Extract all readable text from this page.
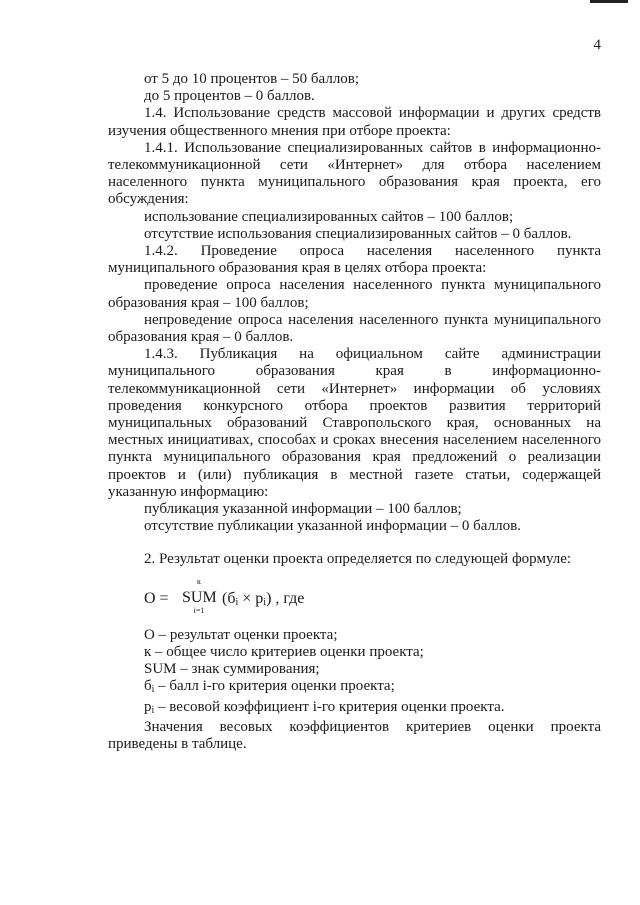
4

от 5 до 10 процентов – 50 баллов;

до 5 процентов – 0 баллов.

1.4. Использование средств массовой информации и других средств изучения общественного мнения при отборе проекта:

1.4.1. Использование специализированных сайтов в информационно-телекоммуникационной сети «Интернет» для отбора населением населенного пункта муниципального образования края проекта, его обсуждения:

использование специализированных сайтов – 100 баллов;

отсутствие использования специализированных сайтов – 0 баллов.

1.4.2. Проведение опроса населения населенного пункта муниципального образования края в целях отбора проекта:

проведение опроса населения населенного пункта муниципального образования края – 100 баллов;

непроведение опроса населения населенного пункта муниципального образования края – 0 баллов.

1.4.3. Публикация на официальном сайте администрации муниципального образования края в информационно-телекоммуникационной сети «Интернет» информации об условиях проведения конкурсного отбора проектов развития территорий муниципальных образований Ставропольского края, основанных на местных инициативах, способах и сроках внесения населением населенного пункта муниципального образования края предложений о реализации проектов и (или) публикация в местной газете статьи, содержащей указанную информацию:

публикация указанной информации – 100 баллов;

отсутствие публикации указанной информации – 0 баллов.

2. Результат оценки проекта определяется по следующей формуле:

О =
к
SUM
i=1
$(б_i \times р_i)$ , где

О – результат оценки проекта;

к – общее число критериев оценки проекта;

SUM – знак суммирования;

$б_i$ – балл i-го критерия оценки проекта;

$р_i$ – весовой коэффициент i-го критерия оценки проекта.

Значения весовых коэффициентов критериев оценки проекта приведены в таблице.
